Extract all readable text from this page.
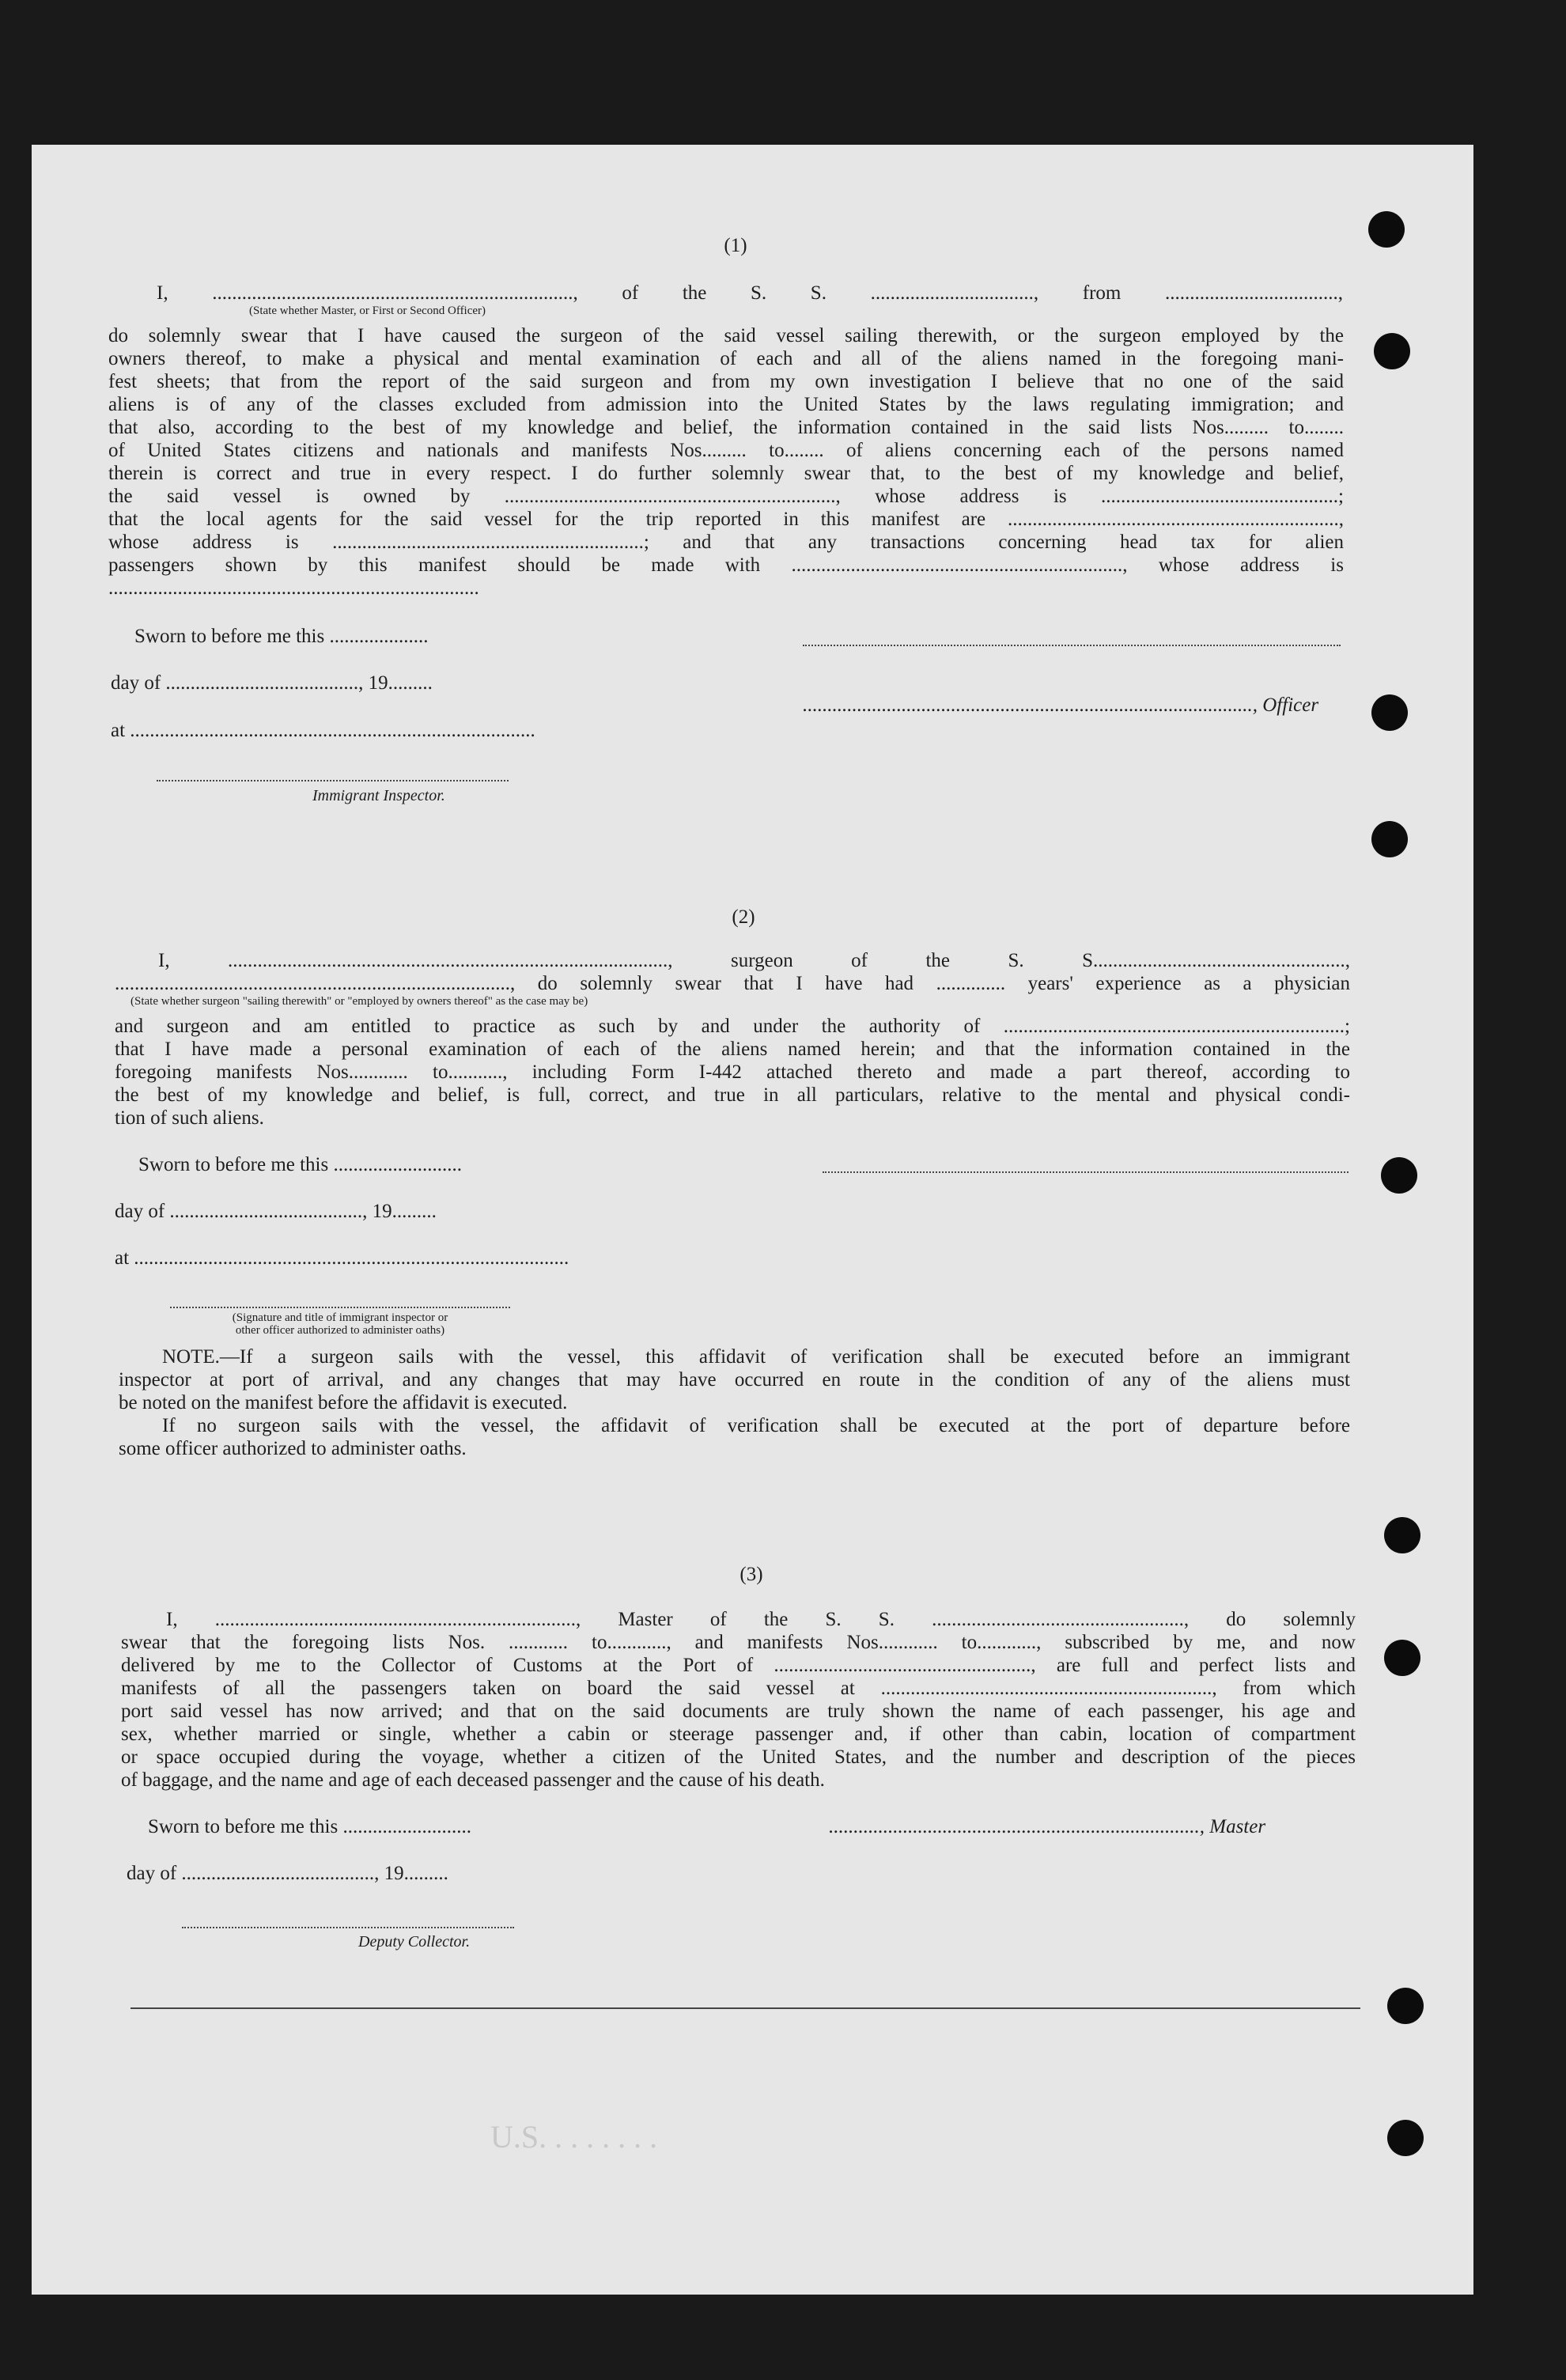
U.S. . . . . . . .
(1)
I, ........................................................................., of the S. S. ................................., from ...................................,
(State whether Master, or First or Second Officer)
do solemnly swear that I have caused the surgeon of the said vessel sailing therewith, or the surgeon employed by the
owners thereof, to make a physical and mental examination of each and all of the aliens named in the foregoing mani-
fest sheets; that from the report of the said surgeon and from my own investigation I believe that no one of the said
aliens is of any of the classes excluded from admission into the United States by the laws regulating immigration; and
that also, according to the best of my knowledge and belief, the information contained in the said lists Nos......... to........
of United States citizens and nationals and manifests Nos......... to........ of aliens concerning each of the persons named
therein is correct and true in every respect. I do further solemnly swear that, to the best of my knowledge and belief,
the said vessel is owned by ..................................................................., whose address is ................................................;
that the local agents for the said vessel for the trip reported in this manifest are ...................................................................,
whose address is ...............................................................; and that any transactions concerning head tax for alien
passengers shown by this manifest should be made with ..................................................................., whose address is
...........................................................................
Sworn to before me this ....................
day of ......................................., 19.........
..........................................................................................., Officer
at ..................................................................................
Immigrant Inspector.
(2)
I, ........................................................................................., surgeon of the S. S...................................................,
................................................................................, do solemnly swear that I have had .............. years' experience as a physician
(State whether surgeon "sailing therewith" or "employed by owners thereof" as the case may be)
and surgeon and am entitled to practice as such by and under the authority of .....................................................................;
that I have made a personal examination of each of the aliens named herein; and that the information contained in the
foregoing manifests Nos............ to..........., including Form I-442 attached thereto and made a part thereof, according to
the best of my knowledge and belief, is full, correct, and true in all particulars, relative to the mental and physical condi-
tion of such aliens.
Sworn to before me this ..........................
day of ......................................., 19.........
at ........................................................................................
(Signature and title of immigrant inspector or
other officer authorized to administer oaths)
NOTE.—If a surgeon sails with the vessel, this affidavit of verification shall be executed before an immigrant
inspector at port of arrival, and any changes that may have occurred en route in the condition of any of the aliens must
be noted on the manifest before the affidavit is executed.
If no surgeon sails with the vessel, the affidavit of verification shall be executed at the port of departure before
some officer authorized to administer oaths.
(3)
I, ........................................................................., Master of the S. S. ..................................................., do solemnly
swear that the foregoing lists Nos. ............ to............, and manifests Nos............ to............, subscribed by me, and now
delivered by me to the Collector of Customs at the Port of ...................................................., are full and perfect lists and
manifests of all the passengers taken on board the said vessel at ..................................................................., from which
port said vessel has now arrived; and that on the said documents are truly shown the name of each passenger, his age and
sex, whether married or single, whether a cabin or steerage passenger and, if other than cabin, location of compartment
or space occupied during the voyage, whether a citizen of the United States, and the number and description of the pieces
of baggage, and the name and age of each deceased passenger and the cause of his death.
Sworn to before me this ..........................	..........................................................................., Master
day of ......................................., 19.........
Deputy Collector.
